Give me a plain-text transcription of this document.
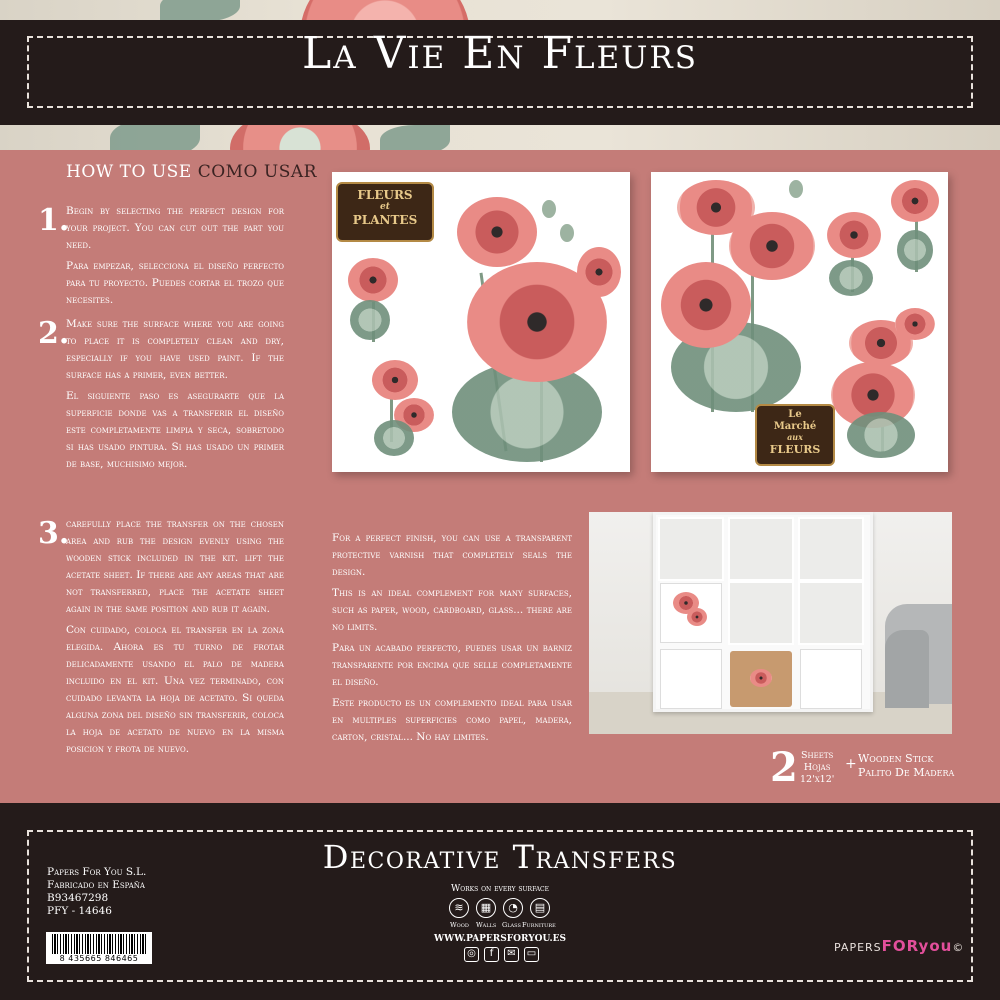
La Vie En Fleurs
HOW TO USE COMO USAR
1.

Begin by selecting the perfect design for your project. You can cut out the part you need.

Para empezar, selecciona el diseño perfecto para tu proyecto. Puedes cortar el trozo que necesites.

2.

Make sure the surface where you are going to place it is completely clean and dry, especially if you have used paint. If the surface has a primer, even better.

El siguiente paso es asegurarte que la superficie donde vas a transferir el diseño este completamente limpia y seca, sobretodo si has usado pintura. Si has usado un primer de base, muchisimo mejor.

3.

carefully place the transfer on the chosen area and rub the design evenly using the wooden stick included in the kit. lift the acetate sheet. If there are any areas that are not transferred, place the acetate sheet again in the same position and rub it again.

Con cuidado, coloca el transfer en la zona elegida. Ahora es tu turno de frotar delicadamente usando el palo de madera incluido en el kit. Una vez terminado, con cuidado levanta la hoja de acetato. Si queda alguna zona del diseño sin transferir, coloca la hoja de acetato de nuevo en la misma posicion y frota de nuevo.

For a perfect finish, you can use a transparent protective varnish that completely seals the design.

This is an ideal complement for many surfaces, such as paper, wood, cardboard, glass... there are no limits.

Para un acabado perfecto, puedes usar un barniz transparente por encima que selle completamente el diseño.

Este producto es un complemento ideal para usar en multiples superficies como papel, madera, carton, cristal... No hay limites.

FLEURS
et
PLANTES
Le
Marché
aux
FLEURS
2 Sheets
Hojas
12'x12'
+ Wooden Stick
Palito De Madera
Decorative Transfers
Papers For You S.L.
Fabricado en España
B93467298
PFY - 14646
8 435665 846465
Works on every surface
≋	▦	◔	▤
Wood Walls Glass Furniture
WWW.PAPERSFORYOU.ES
◎	f	✉	▭	PAPERSFORyou©
